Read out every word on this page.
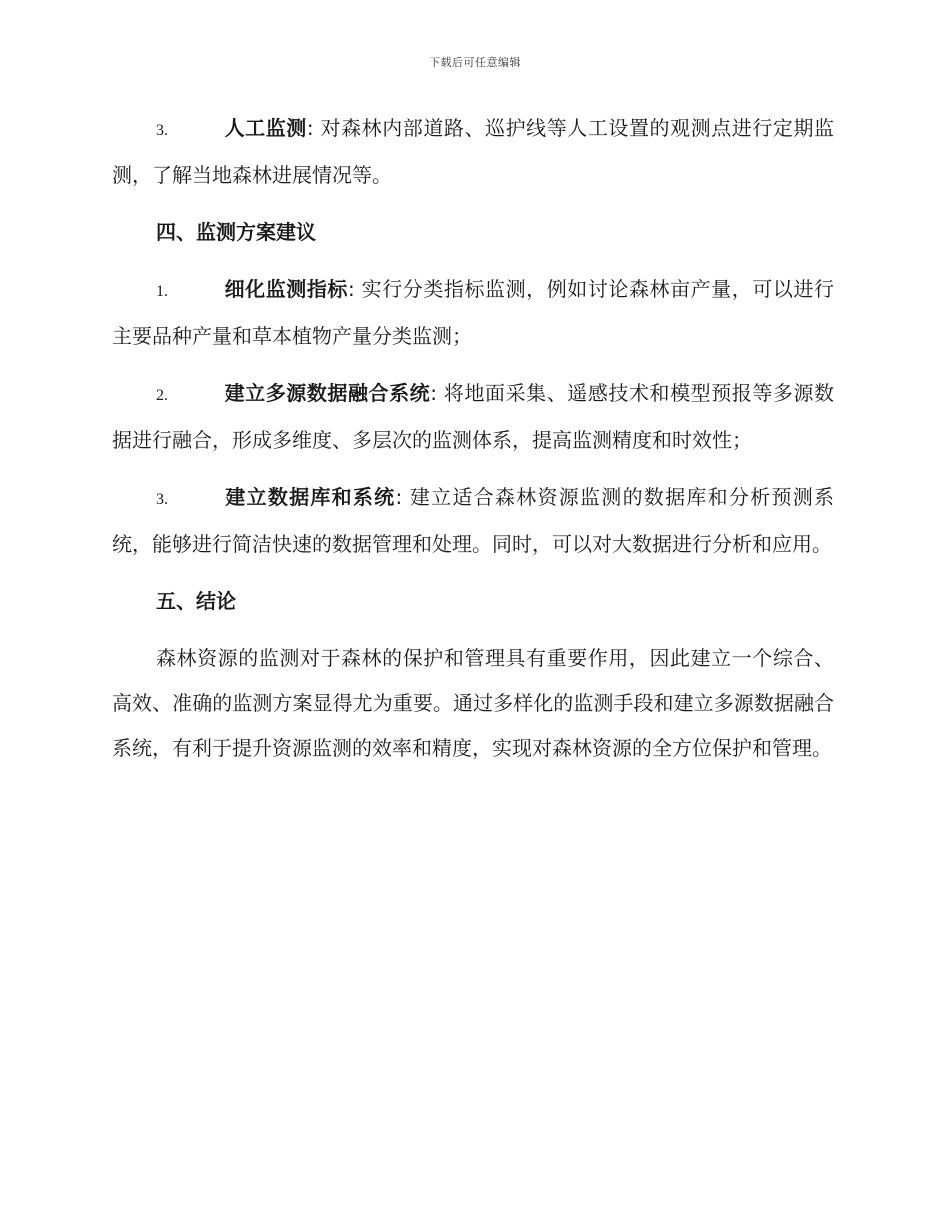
下载后可任意编辑

3.	人工监测: 对森林内部道路、巡护线等人工设置的观测点进行定期监测，了解当地森林进展情况等。

四、监测方案建议

1.	细化监测指标: 实行分类指标监测，例如讨论森林亩产量，可以进行主要品种产量和草本植物产量分类监测；

2.	建立多源数据融合系统: 将地面采集、遥感技术和模型预报等多源数据进行融合，形成多维度、多层次的监测体系，提高监测精度和时效性；

3.	建立数据库和系统: 建立适合森林资源监测的数据库和分析预测系统，能够进行简洁快速的数据管理和处理。同时，可以对大数据进行分析和应用。

五、结论

森林资源的监测对于森林的保护和管理具有重要作用，因此建立一个综合、高效、准确的监测方案显得尤为重要。通过多样化的监测手段和建立多源数据融合系统，有利于提升资源监测的效率和精度，实现对森林资源的全方位保护和管理。
